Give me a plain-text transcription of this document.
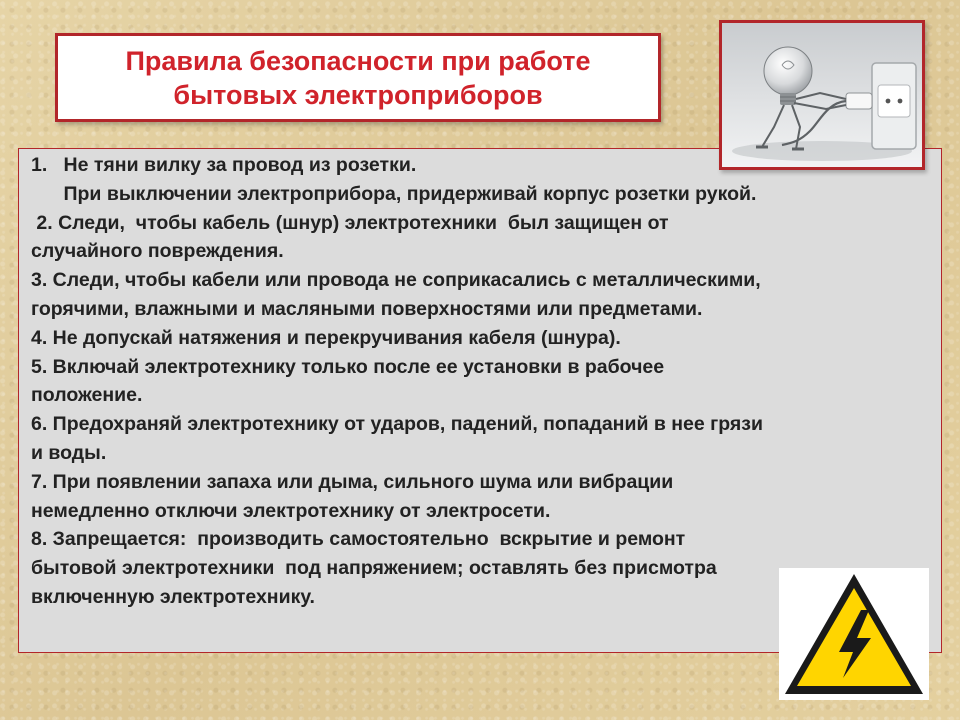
Правила безопасности при работе
бытовых электроприборов
1.   Не тяни вилку за провод из розетки.
При выключении электроприбора, придерживай корпус розетки рукой.
2. Следи,  чтобы кабель (шнур) электротехники  был защищен от
случайного повреждения.
3. Следи, чтобы кабели или провода не соприкасались с металлическими,
горячими, влажными и масляными поверхностями или предметами.
4. Не допускай натяжения и перекручивания кабеля (шнура).
5. Включай электротехнику только после ее установки в рабочее
положение.
6. Предохраняй электротехнику от ударов, падений, попаданий в нее грязи
и воды.
7. При появлении запаха или дыма, сильного шума или вибрации
немедленно отключи электротехнику от электросети.
8. Запрещается:  производить самостоятельно  вскрытие и ремонт
бытовой электротехники  под напряжением; оставлять без присмотра
включенную электротехнику.
